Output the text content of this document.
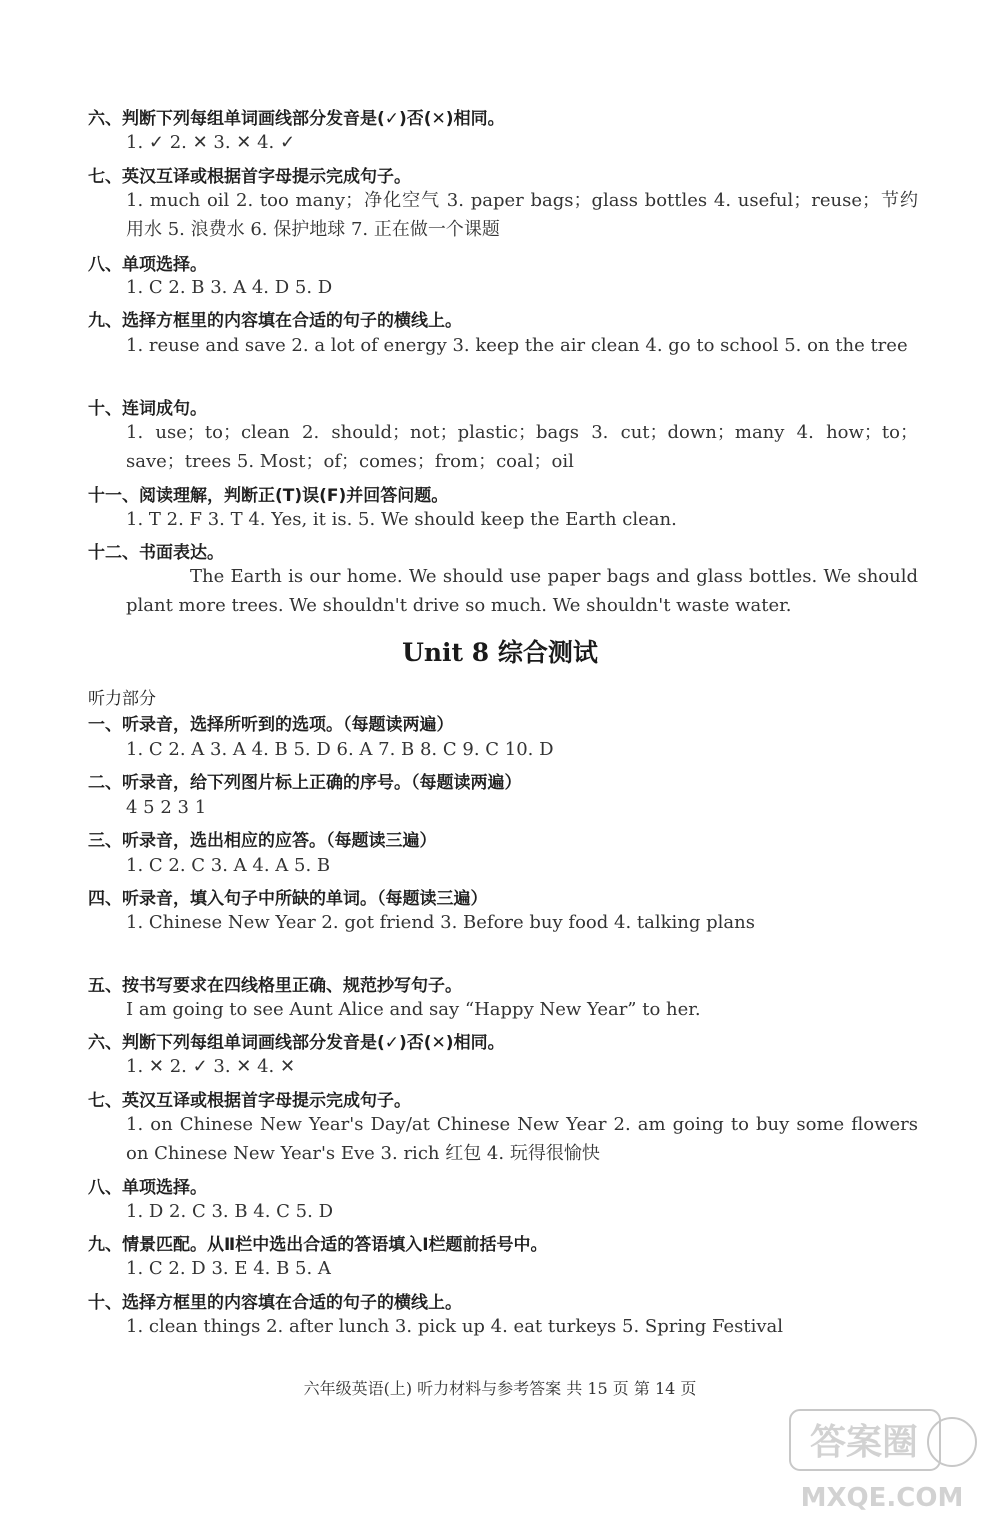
六、判断下列每组单词画线部分发音是(✓)否(✕)相同。
1. ✓ 2. ✕ 3. ✕ 4. ✓
七、英汉互译或根据首字母提示完成句子。
1. much oil 2. too many；净化空气 3. paper bags；glass bottles 4. useful；reuse；节约用水 5. 浪费水 6. 保护地球 7. 正在做一个课题
八、单项选择。
1. C 2. B 3. A 4. D 5. D
九、选择方框里的内容填在合适的句子的横线上。
1. reuse and save 2. a lot of energy 3. keep the air clean 4. go to school 5. on the tree
十、连词成句。
1. use；to；clean 2. should；not；plastic；bags 3. cut；down；many 4. how；to；save；trees 5. Most；of；comes；from；coal；oil
十一、阅读理解，判断正(T)误(F)并回答问题。
1. T 2. F 3. T 4. Yes, it is. 5. We should keep the Earth clean.
十二、书面表达。
The Earth is our home. We should use paper bags and glass bottles. We should plant more trees. We shouldn't drive so much. We shouldn't waste water.
Unit 8 综合测试
听力部分
一、听录音，选择所听到的选项。（每题读两遍）
1. C 2. A 3. A 4. B 5. D 6. A 7. B 8. C 9. C 10. D
二、听录音，给下列图片标上正确的序号。（每题读两遍）
4 5 2 3 1
三、听录音，选出相应的应答。（每题读三遍）
1. C 2. C 3. A 4. A 5. B
四、听录音，填入句子中所缺的单词。（每题读三遍）
1. Chinese New Year 2. got friend 3. Before buy food 4. talking plans
五、按书写要求在四线格里正确、规范抄写句子。
I am going to see Aunt Alice and say “Happy New Year” to her.
六、判断下列每组单词画线部分发音是(✓)否(✕)相同。
1. ✕ 2. ✓ 3. ✕ 4. ✕
七、英汉互译或根据首字母提示完成句子。
1. on Chinese New Year's Day/at Chinese New Year 2. am going to buy some flowers on Chinese New Year's Eve 3. rich 红包 4. 玩得很愉快
八、单项选择。
1. D 2. C 3. B 4. C 5. D
九、情景匹配。从Ⅱ栏中选出合适的答语填入Ⅰ栏题前括号中。
1. C 2. D 3. E 4. B 5. A
十、选择方框里的内容填在合适的句子的横线上。
1. clean things 2. after lunch 3. pick up 4. eat turkeys 5. Spring Festival
六年级英语(上) 听力材料与参考答案 共 15 页 第 14 页
答案圈
MXQE.COM
